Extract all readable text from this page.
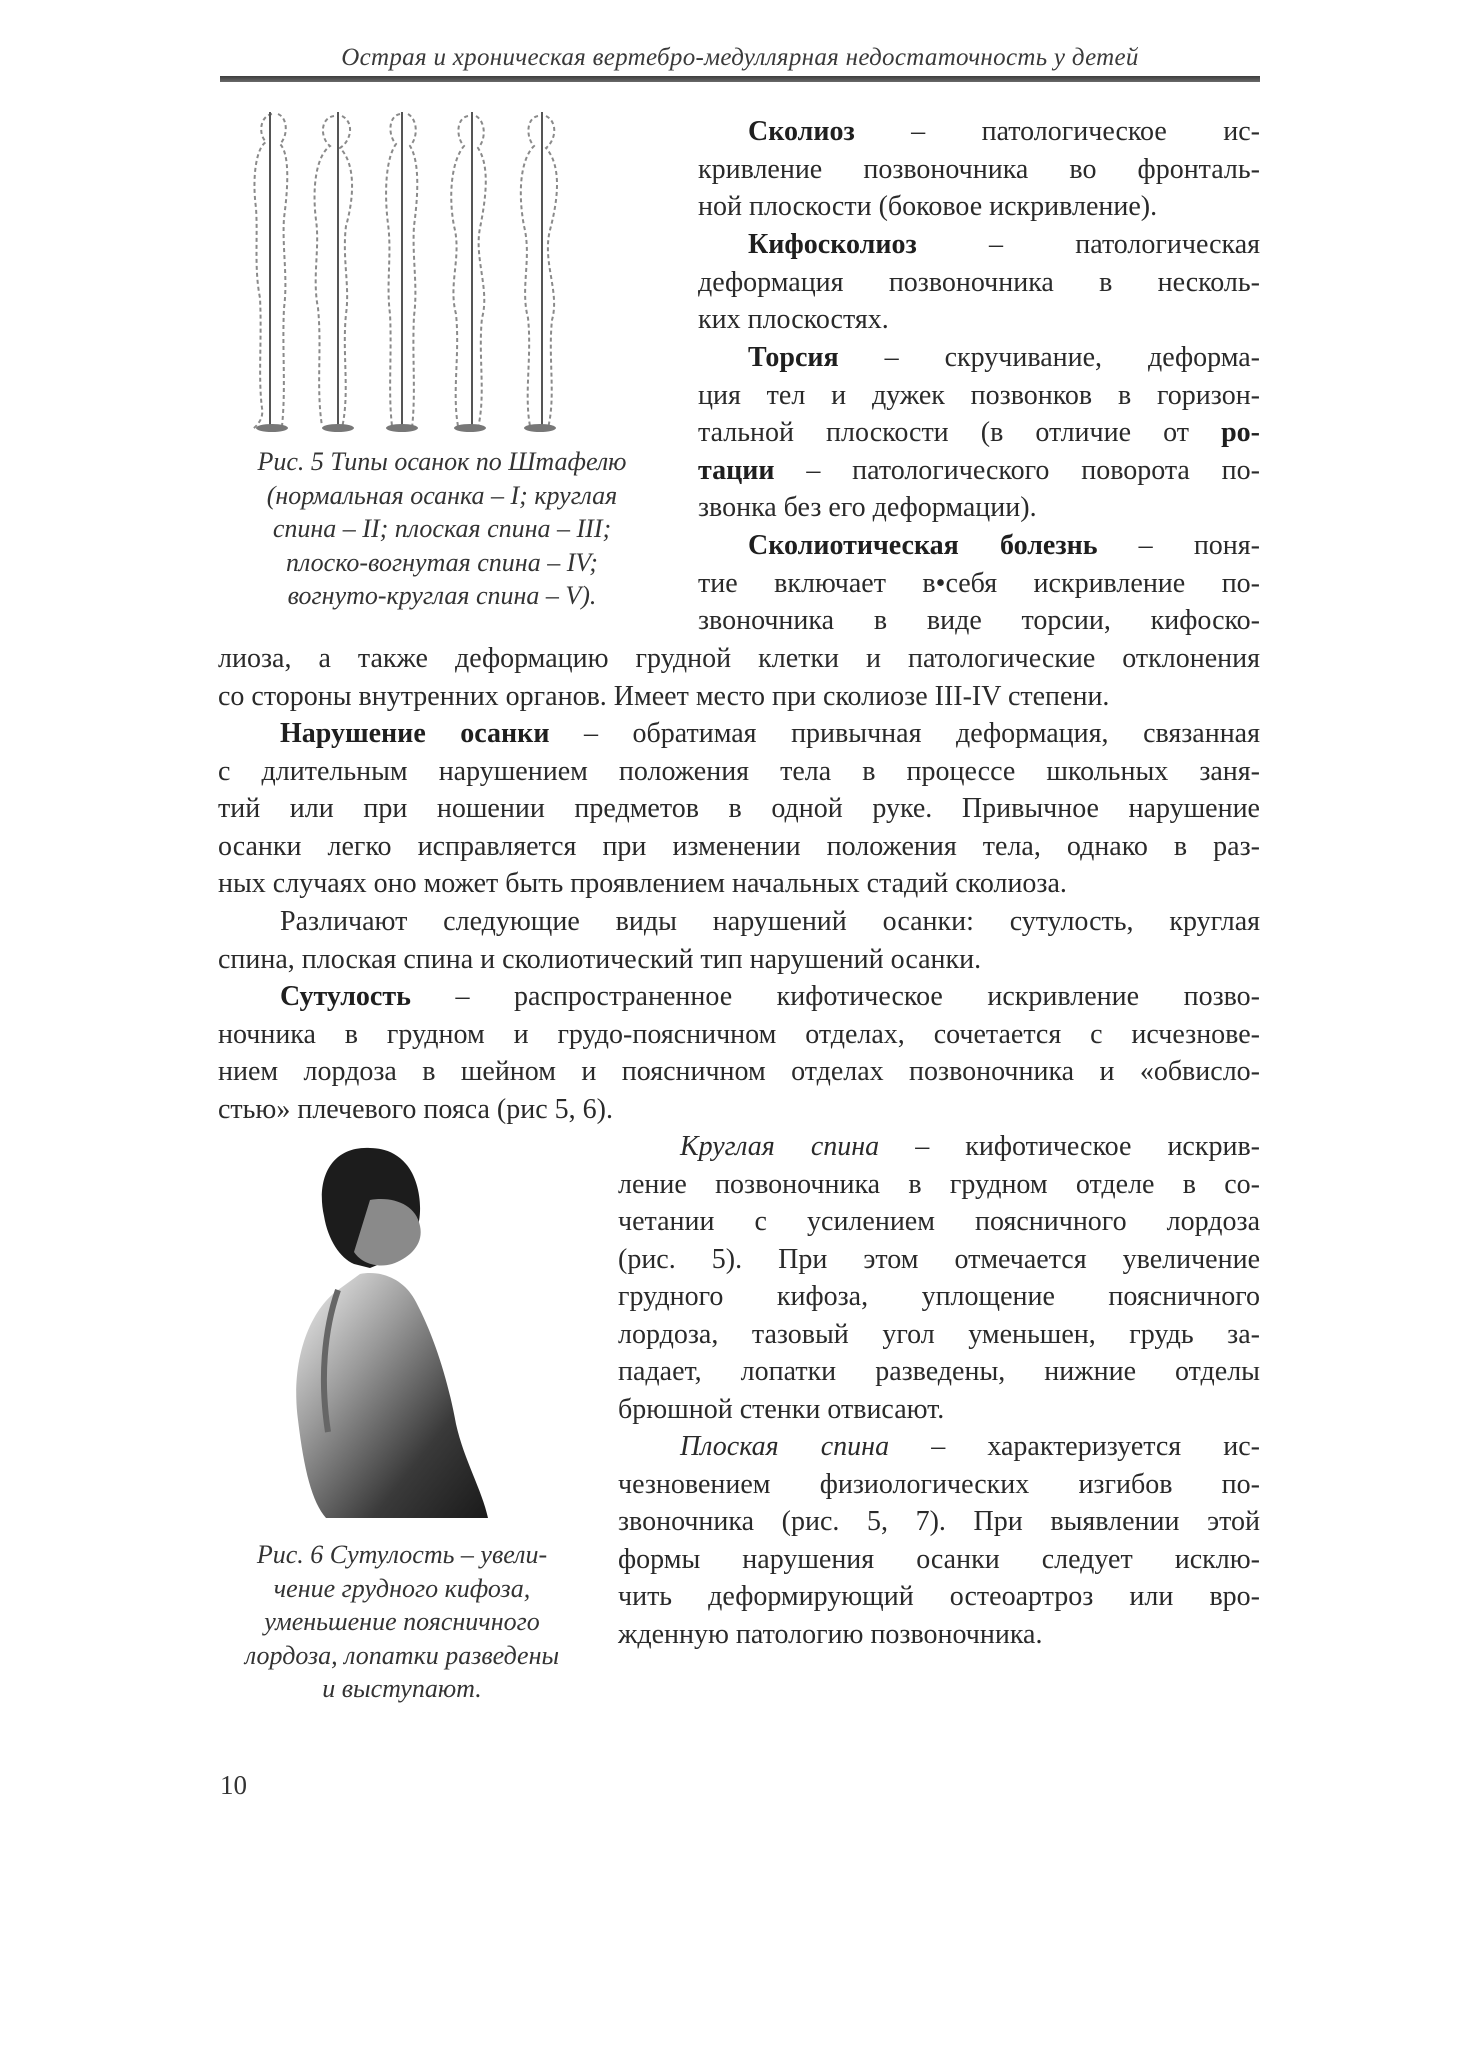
Острая и хроническая вертебро-медуллярная недостаточность у детей
Рис. 5 Типы осанок по Штафелю
(нормальная осанка – I; круглая
спина – II; плоская спина – III;
плоско-вогнутая спина – IV;
вогнуто-круглая спина – V).
Рис. 6 Сутулость – увели-
чение грудного кифоза,
уменьшение поясничного
лордоза, лопатки разведены
и выступают.
Сколиоз – патологическое ис-
кривление позвоночника во фронталь-
ной плоскости (боковое искривление).
Кифосколиоз – патологическая
деформация позвоночника в несколь-
ких плоскостях.
Торсия – скручивание, деформа-
ция тел и дужек позвонков в горизон-
тальной плоскости (в отличие от ро-
тации – патологического поворота по-
звонка без его деформации).
Сколиотическая болезнь – поня-
тие включает в•себя искривление по-
звоночника в виде торсии, кифоско-
лиоза, а также деформацию грудной клетки и патологические отклонения
со стороны внутренних органов. Имеет место при сколиозе III-IV степени.
Нарушение осанки – обратимая привычная деформация, связанная
с длительным нарушением положения тела в процессе школьных заня-
тий или при ношении предметов в одной руке. Привычное нарушение
осанки легко исправляется при изменении положения тела, однако в раз-
ных случаях оно может быть проявлением начальных стадий сколиоза.
Различают следующие виды нарушений осанки: сутулость, круглая
спина, плоская спина и сколиотический тип нарушений осанки.
Сутулость – распространенное кифотическое искривление позво-
ночника в грудном и грудо-поясничном отделах, сочетается с исчезнове-
нием лордоза в шейном и поясничном отделах позвоночника и «обвисло-
стью» плечевого пояса (рис 5, 6).
Круглая спина – кифотическое искрив-
ление позвоночника в грудном отделе в со-
четании с усилением поясничного лордоза
(рис. 5). При этом отмечается увеличение
грудного кифоза, уплощение поясничного
лордоза, тазовый угол уменьшен, грудь за-
падает, лопатки разведены, нижние отделы
брюшной стенки отвисают.
Плоская спина – характеризуется ис-
чезновением физиологических изгибов по-
звоночника (рис. 5, 7). При выявлении этой
формы нарушения осанки следует исклю-
чить деформирующий остеоартроз или вро-
жденную патологию позвоночника.
10
